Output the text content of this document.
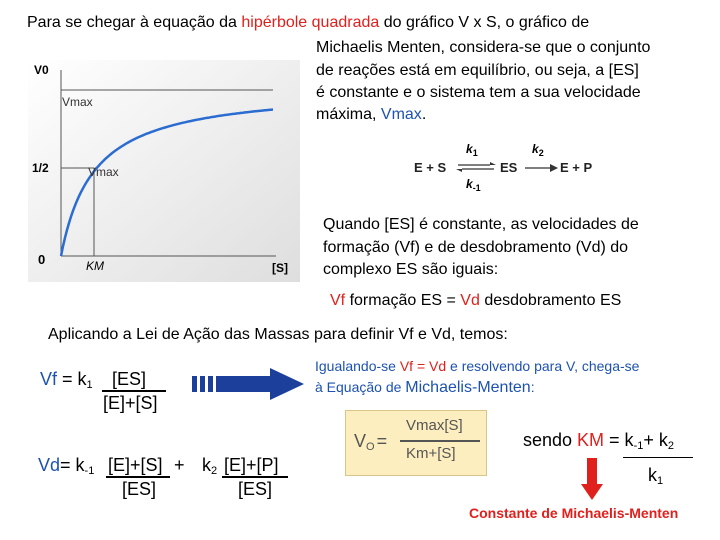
Para se chegar à equação da hipérbole quadrada do gráfico V x S, o gráfico de
Michaelis Menten, considera-se que o conjunto
de reações está em equilíbrio, ou seja, a [ES]
é constante e o sistema tem a sua velocidade
máxima, Vmax.
V0
Vmax
1/2	Vmax
0	KM	[S]
$k_1$	$k_2$
E + S	ES	E + P
$k_{-1}$
Quando [ES] é constante, as velocidades de
formação (Vf) e de desdobramento (Vd) do
complexo ES são iguais:
Vf formação ES = Vd desdobramento ES
Aplicando a Lei de Ação das Massas para definir Vf e Vd, temos:
$Vf = k_1$ [ES]
[E]+[S]
Igualando-se Vf = Vd e resolvendo para V, chega-se
à Equação de Michaelis-Menten:
$V_O$ =
Vmax[S]
Km+[S]
sendo KM = $k_{-1}+ k_2$
$k_1$
Constante de Michaelis-Menten
$Vd= k_{-1}$ [E]+[S]
[ES]
+ $k_2$ [E]+[P]
[ES]
